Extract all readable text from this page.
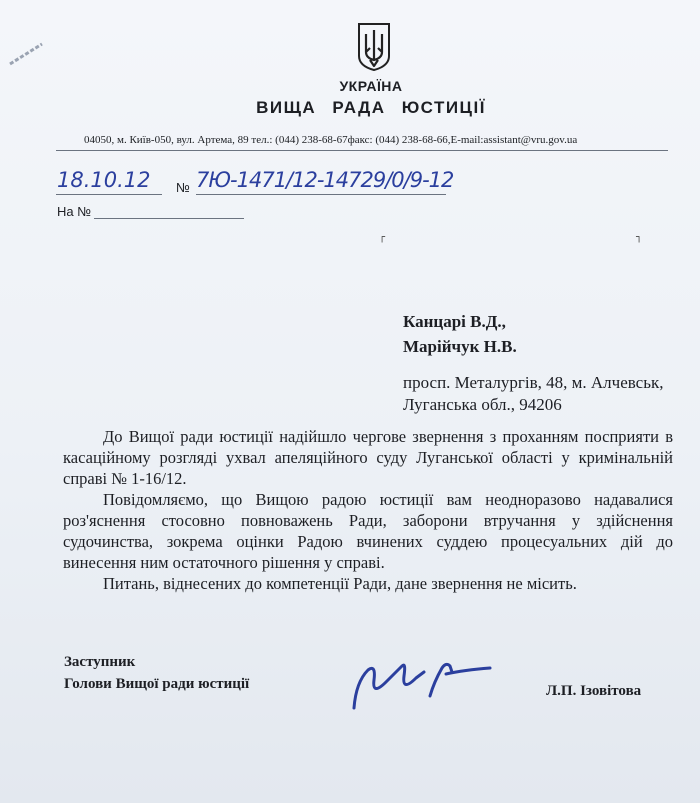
УКРАЇНА
ВИЩА РАДА ЮСТИЦІЇ
04050, м. Київ-050, вул. Артема, 89 тел.: (044) 238-68-67факс: (044) 238-68-66,E-mail:assistant@vru.gov.ua
18.10.12 № 7Ю-1471/12-14729/0/9-12
На №
┌	┐
Канцарі В.Д.,
Марійчук Н.В.
просп. Металургів, 48, м. Алчевськ,
Луганська обл., 94206

До Вищої ради юстиції надійшло чергове звернення з проханням посприяти в касаційному розгляді ухвал апеляційного суду Луганської області у кримінальній справі № 1-16/12.

Повідомляємо, що Вищою радою юстиції вам неодноразово надавалися роз'яснення стосовно повноважень Ради, заборони втручання у здійснення судочинства, зокрема оцінки Радою вчинених суддею процесуальних дій до винесення ним остаточного рішення у справі.

Питань, віднесених до компетенції Ради, дане звернення не місить.

Заступник
Голови Вищої ради юстиції	Л.П. Ізовітова
